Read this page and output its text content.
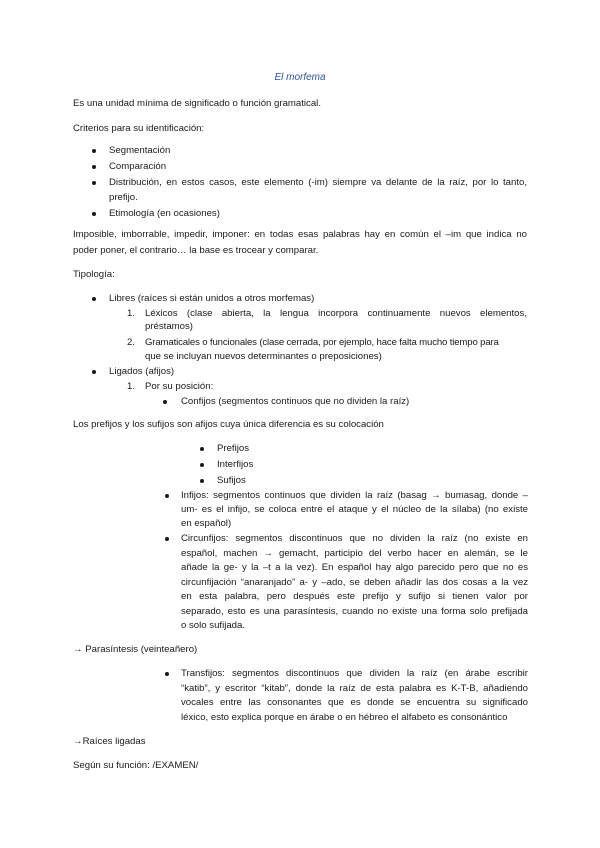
El morfema
Es una unidad mínima de significado o función gramatical.
Criterios para su identificación:
Segmentación
Comparación
Distribución, en estos casos, este elemento (-im) siempre va delante de la raíz, por lo tanto,
prefijo.
Etimología (en ocasiones)
Imposible, imborrable, impedir, imponer: en todas esas palabras hay en común el –im que indica no
poder poner, el contrario… la base es trocear y comparar.
Tipología:
Libres (raíces si están unidos a otros morfemas)
1. Léxicos (clase abierta, la lengua incorpora continuamente nuevos elementos,
préstamos)
2. Gramaticales o funcionales (clase cerrada, por ejemplo, hace falta mucho tiempo para
que se incluyan nuevos determinantes o preposiciones)
Ligados (afijos)
1. Por su posición:
Confijos (segmentos continuos que no dividen la raíz)
Los prefijos y los sufijos son afijos cuya única diferencia es su colocación
Prefijos
Interfijos
Sufijos
Infijos: segmentos continuos que dividen la raíz (basag → bumasag, donde –
um- es el infijo, se coloca entre el ataque y el núcleo de la sílaba) (no existe
en español)
Circunfijos: segmentos discontinuos que no dividen la raíz (no existe en
español, machen → gemacht, participio del verbo hacer en alemán, se le
añade la ge- y la –t a la vez). En español hay algo parecido pero que no es
circunfijación “anaranjado” a- y –ado, se deben añadir las dos cosas a la vez
en esta palabra, pero después este prefijo y sufijo si tienen valor por
separado, esto es una parasíntesis, cuando no existe una forma solo prefijada
o solo sufijada.
→ Parasíntesis (veinteañero)
Transfijos: segmentos discontinuos que dividen la raíz (en árabe escribir
“katib”, y escritor “kitab”, donde la raíz de esta palabra es K-T-B, añadiendo
vocales entre las consonantes que es donde se encuentra su significado
léxico, esto explica porque en árabe o en hébreo el alfabeto es consonántico
→Raíces ligadas
Según su función: /EXAMEN/
